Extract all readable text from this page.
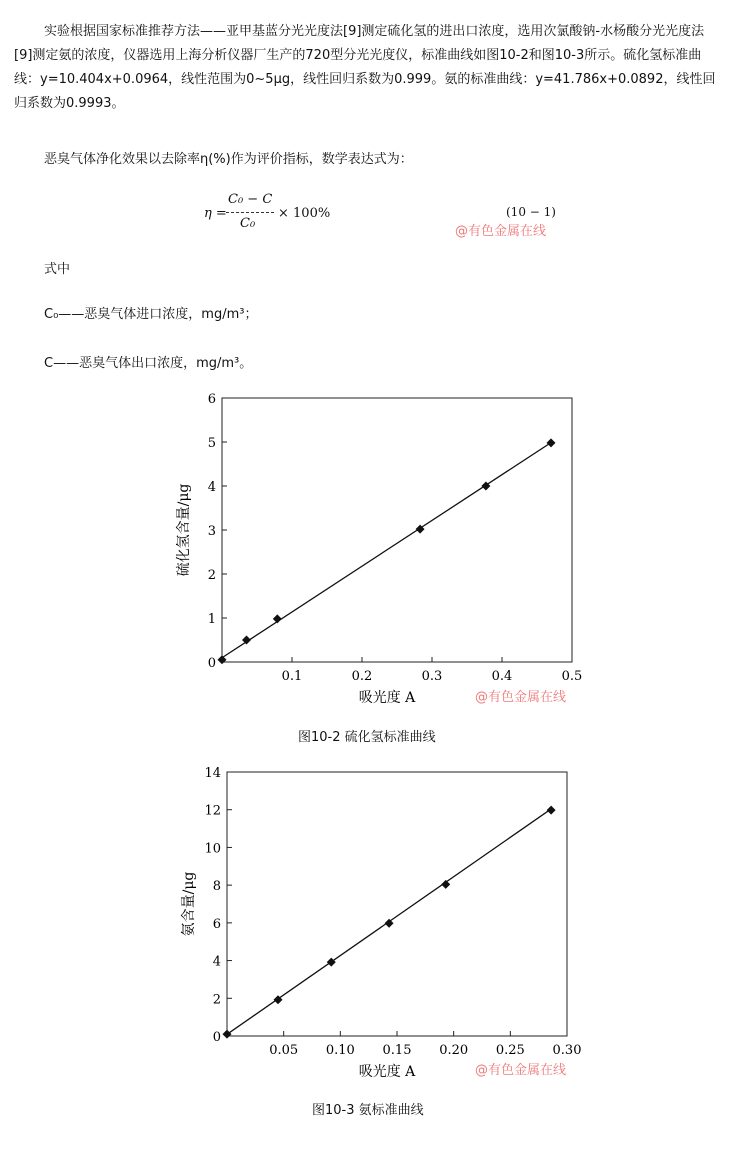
实验根据国家标准推荐方法——亚甲基蓝分光光度法[9]测定硫化氢的进出口浓度，选用次氯酸钠-水杨酸分光光度法[9]测定氨的浓度，仪器选用上海分析仪器厂生产的720型分光光度仪，标准曲线如图10-2和图10-3所示。硫化氢标准曲线：y=10.404x+0.0964，线性范围为0~5μg，线性回归系数为0.999。氨的标准曲线：y=41.786x+0.0892，线性回归系数为0.9993。
恶臭气体净化效果以去除率η(%)作为评价指标，数学表达式为：
η =
C₀ − C
C₀
× 100%	(10 − 1)
@有色金属在线
式中
C₀——恶臭气体进口浓度，mg/m³；
C——恶臭气体出口浓度，mg/m³。
0
1
2
3
4
5
6
0.1	0.2	0.3	0.4	0.5
吸光度 A
硫化氢含量/μg
@有色金属在线
图10-2 硫化氢标准曲线
0
2
4
6
8
10
12
14
0.05 0.10 0.15 0.20 0.25 0.30
吸光度 A
氨含量/μg
@有色金属在线
图10-3 氨标准曲线
